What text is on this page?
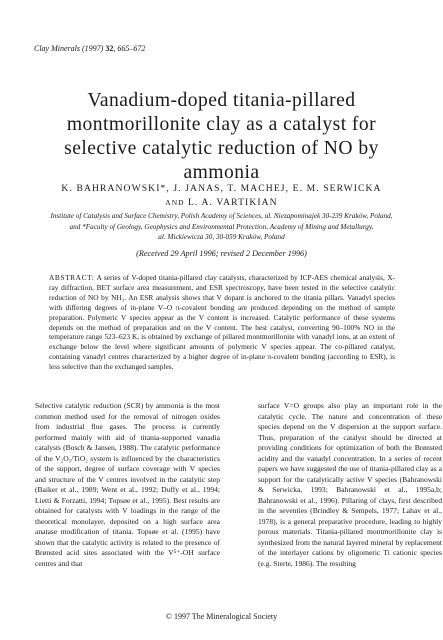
Clay Minerals (1997) 32, 665–672
Vanadium-doped titania-pillared montmorillonite clay as a catalyst for selective catalytic reduction of NO by ammonia
K. BAHRANOWSKI*, J. JANAS, T. MACHEJ, E. M. SERWICKA
AND L. A. VARTIKIAN
Institute of Catalysis and Surface Chemistry, Polish Academy of Sciences, ul. Niezapominajek 30-239 Kraków, Poland,
and *Faculty of Geology, Geophysics and Environmental Protection, Academy of Mining and Metallurgy,
al. Mickiewicza 30, 30-059 Kraków, Poland
(Received 29 April 1996; revised 2 December 1996)
ABSTRACT: A series of V-doped titania-pillared clay catalysts, characterized by ICP-AES chemical analysis, X-ray diffraction, BET surface area measurement, and ESR spectroscopy, have been tested in the selective catalytic reduction of NO by NH₃. An ESR analysis shows that V dopant is anchored to the titania pillars. Vanadyl species with differing degrees of in-plane V–O π-covalent bonding are produced depending on the method of sample preparation. Polymeric V species appear as the V content is increased. Catalytic performance of these systems depends on the method of preparation and on the V content. The best catalyst, converting 90–100% NO in the temperature range 523–623 K, is obtained by exchange of pillared montmorillonite with vanadyl ions, at an extent of exchange below the level where significant amounts of polymeric V species appear. The co-pillared catalyst, containing vanadyl centres characterized by a higher degree of in-plane π-covalent bonding (according to ESR), is less selective than the exchanged samples.
Selective catalytic reduction (SCR) by ammonia is the most common method used for the removal of nitrogen oxides from industrial flue gases. The process is currently performed mainly with aid of titania-supported vanadia catalysts (Bosch & Jansen, 1988). The catalytic performance of the V₂O₅/TiO₂ system is influenced by the characteristics of the support, degree of surface coverage with V species and structure of the V centres involved in the catalytic step (Baiker et al., 1989; Went et al., 1992; Duffy et al., 1994; Lietti & Forzatti, 1994; Topsøe et al., 1995). Best results are obtained for catalysts with V loadings in the range of the theoretical monolayer, deposited on a high surface area anatase modification of titania. Topsøe et al. (1995) have shown that the catalytic activity is related to the presence of Brønsted acid sites associated with the V⁵⁺-OH surface centres and that
surface V=O groups also play an important role in the catalytic cycle. The nature and concentration of these species depend on the V dispersion at the support surface. Thus, preparation of the catalyst should be directed at providing conditions for optimization of both the Brønsted acidity and the vanadyl concentration. In a series of recent papers we have suggested the use of titania-pillared clay as a support for the catalytically active V species (Bahranowski & Serwicka, 1993; Bahranowski et al., 1995a,b; Bahranowski et al., 1996). Pillaring of clays, first described in the seventies (Brindley & Sempels, 1977; Lahav et al., 1978), is a general preparative procedure, leading to highly porous materials. Titania-pillared montmorillonite clay is synthesized from the natural layered mineral by replacement of the interlayer cations by oligomeric Ti cationic species (e.g. Sterte, 1986). The resulting
© 1997 The Mineralogical Society
